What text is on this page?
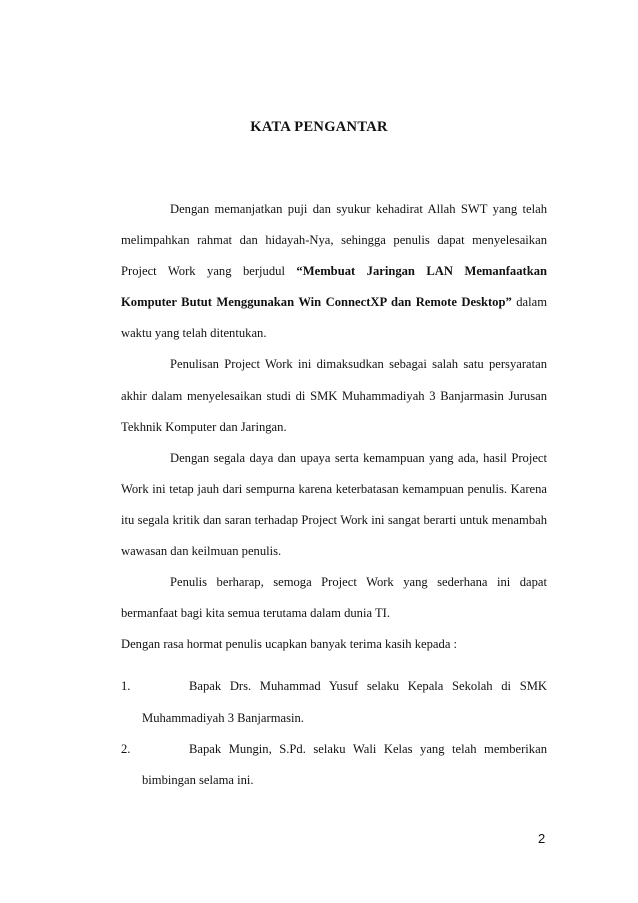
KATA PENGANTAR

Dengan memanjatkan puji dan syukur kehadirat Allah SWT yang telah melimpahkan rahmat dan hidayah-Nya, sehingga penulis dapat menyelesaikan Project Work yang berjudul “Membuat Jaringan LAN Memanfaatkan Komputer Butut Menggunakan Win ConnectXP dan Remote Desktop” dalam waktu yang telah ditentukan.

Penulisan Project Work ini dimaksudkan sebagai salah satu persyaratan akhir dalam menyelesaikan studi di SMK Muhammadiyah 3 Banjarmasin Jurusan Tekhnik Komputer dan Jaringan.

Dengan segala daya dan upaya serta kemampuan yang ada, hasil Project Work ini tetap jauh dari sempurna karena keterbatasan kemampuan penulis. Karena itu segala kritik dan saran terhadap Project Work ini sangat berarti untuk menambah wawasan dan keilmuan penulis.

Penulis berharap, semoga Project Work yang sederhana ini dapat bermanfaat bagi kita semua terutama dalam dunia TI.

Dengan rasa hormat penulis ucapkan banyak terima kasih kepada :

1.	Bapak Drs. Muhammad Yusuf selaku Kepala Sekolah di SMK Muhammadiyah 3 Banjarmasin.
2.	Bapak Mungin, S.Pd. selaku Wali Kelas yang telah memberikan bimbingan selama ini.
2
